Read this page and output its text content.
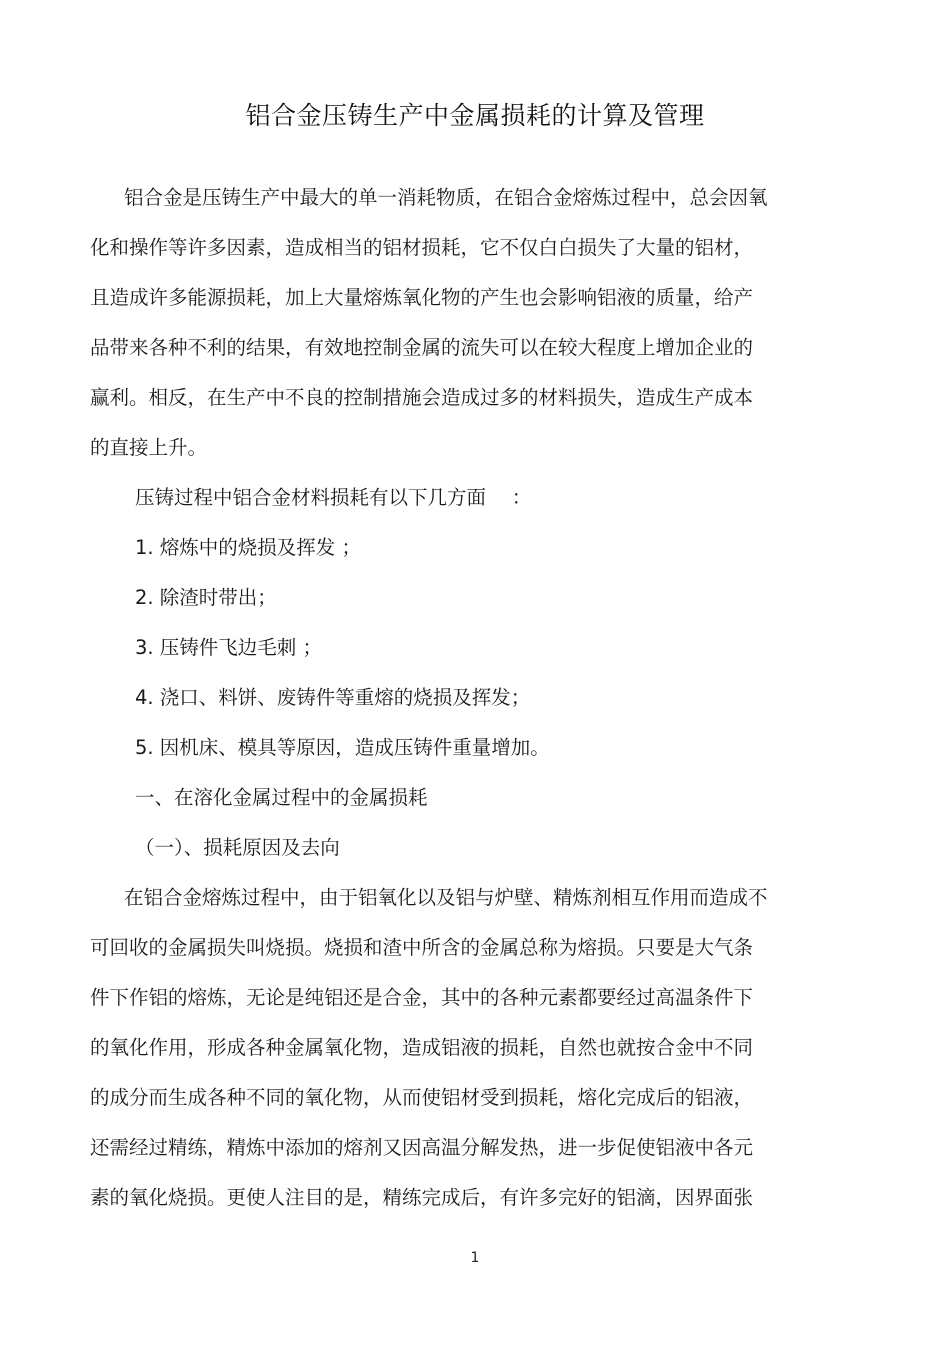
铝合金压铸生产中金属损耗的计算及管理
铝合金是压铸生产中最大的单一消耗物质，在铝合金熔炼过程中，总会因氧
化和操作等许多因素，造成相当的铝材损耗，它不仅白白损失了大量的铝材，
且造成许多能源损耗，加上大量熔炼氧化物的产生也会影响铝液的质量，给产
品带来各种不利的结果，有效地控制金属的流失可以在较大程度上增加企业的
赢利。相反，在生产中不良的控制措施会造成过多的材料损失，造成生产成本
的直接上升。
压铸过程中铝合金材料损耗有以下几方面　 ：
1. 熔炼中的烧损及挥发 ；
2. 除渣时带出；
3. 压铸件飞边毛刺 ；
4. 浇口、料饼、废铸件等重熔的烧损及挥发；
5. 因机床、模具等原因，造成压铸件重量增加。
一、在溶化金属过程中的金属损耗
（一）、损耗原因及去向
在铝合金熔炼过程中，由于铝氧化以及铝与炉壁、精炼剂相互作用而造成不
可回收的金属损失叫烧损。烧损和渣中所含的金属总称为熔损。只要是大气条
件下作铝的熔炼，无论是纯铝还是合金，其中的各种元素都要经过高温条件下
的氧化作用，形成各种金属氧化物，造成铝液的损耗，自然也就按合金中不同
的成分而生成各种不同的氧化物，从而使铝材受到损耗，熔化完成后的铝液，
还需经过精练，精炼中添加的熔剂又因高温分解发热，进一步促使铝液中各元
素的氧化烧损。更使人注目的是，精练完成后，有许多完好的铝滴，因界面张
1
